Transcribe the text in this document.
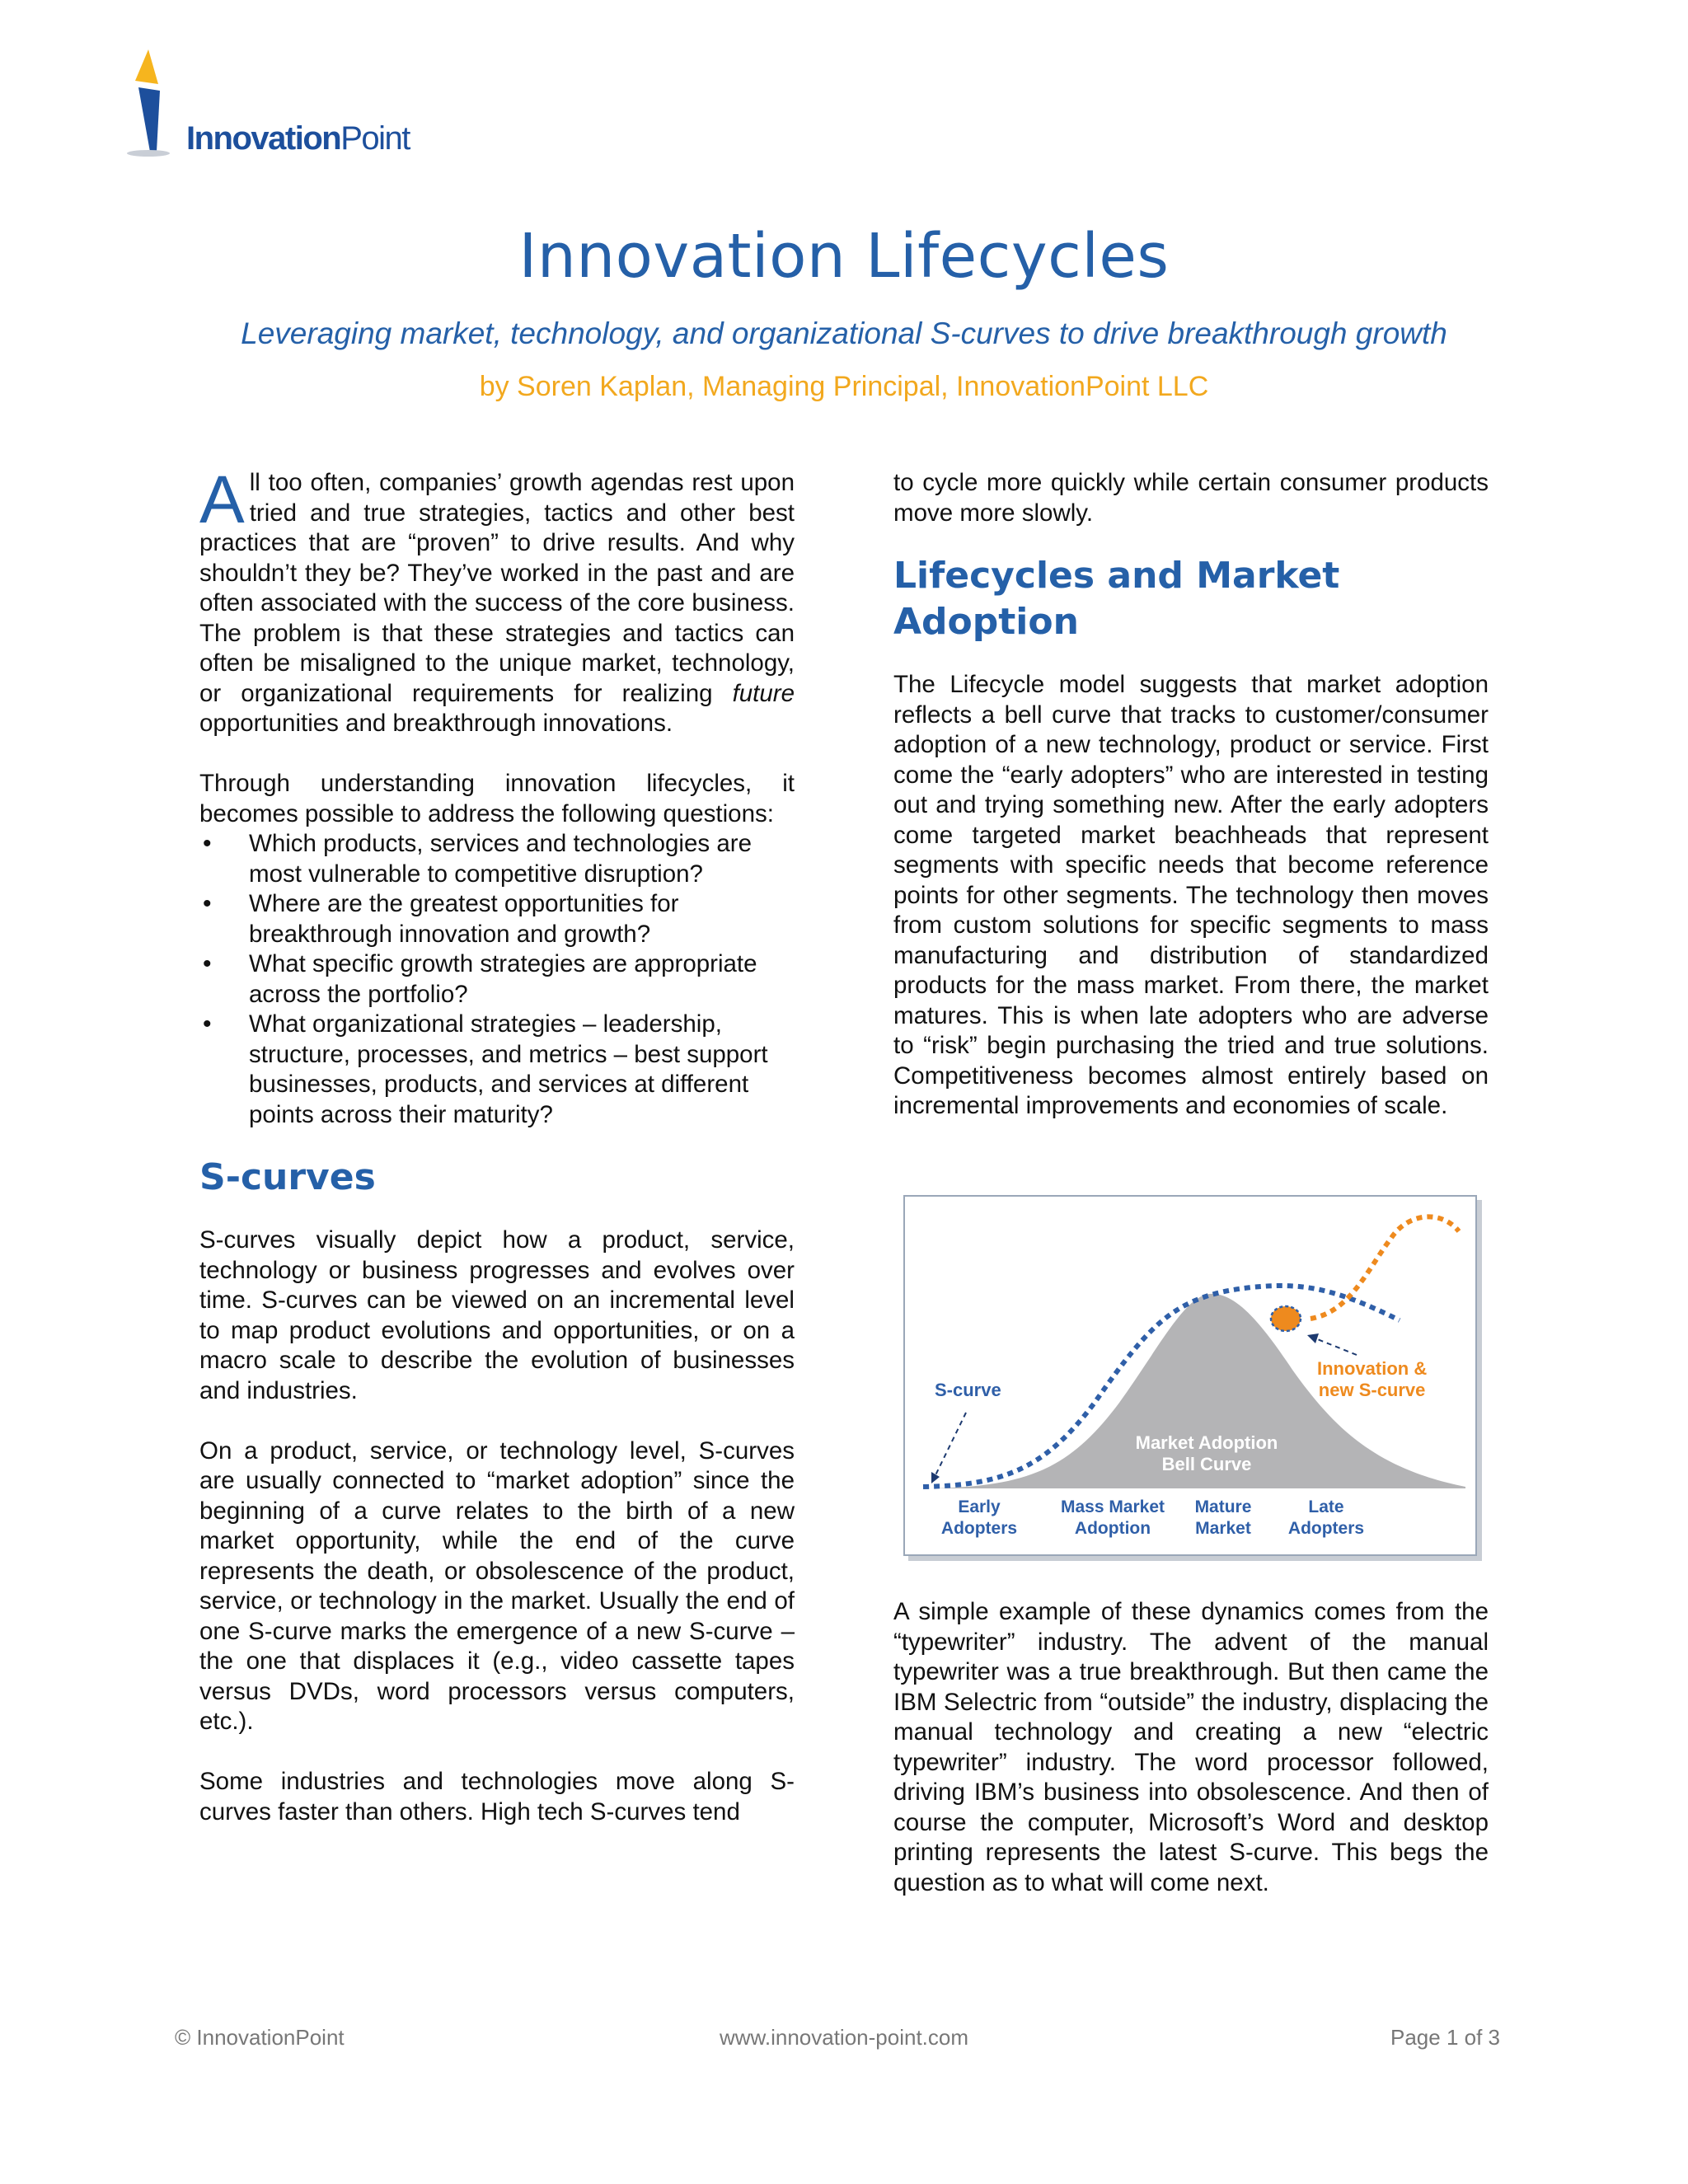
InnovationPoint
Innovation Lifecycles
Leveraging market, technology, and organizational S-curves to drive breakthrough growth
by Soren Kaplan, Managing Principal, InnovationPoint LLC

All too often, companies’ growth agendas rest upon tried and true strategies, tactics and other best practices that are “proven” to drive results. And why shouldn’t they be? They’ve worked in the past and are often associated with the success of the core business. The problem is that these strategies and tactics can often be misaligned to the unique market, technology, or organizational requirements for realizing future opportunities and breakthrough innovations.

Through understanding innovation lifecycles, it becomes possible to address the following questions:

• Which products, services and technologies are most vulnerable to competitive disruption?
• Where are the greatest opportunities for breakthrough innovation and growth?
• What specific growth strategies are appropriate across the portfolio?
• What organizational strategies – leadership, structure, processes, and metrics – best support businesses, products, and services at different points across their maturity?
S-curves

S-curves visually depict how a product, service, technology or business progresses and evolves over time. S-curves can be viewed on an incremental level to map product evolutions and opportunities, or on a macro scale to describe the evolution of businesses and industries.

On a product, service, or technology level, S-curves are usually connected to “market adoption” since the beginning of a curve relates to the birth of a new market opportunity, while the end of the curve represents the death, or obsolescence of the product, service, or technology in the market. Usually the end of one S-curve marks the emergence of a new S-curve – the one that displaces it (e.g., video cassette tapes versus DVDs, word processors versus computers, etc.).

Some industries and technologies move along S-curves faster than others. High tech S-curves tend

to cycle more quickly while certain consumer products move more slowly.

Lifecycles and Market Adoption

The Lifecycle model suggests that market adoption reflects a bell curve that tracks to customer/consumer adoption of a new technology, product or service. First come the “early adopters” who are interested in testing out and trying something new. After the early adopters come targeted market beachheads that represent segments with specific needs that become reference points for other segments. The technology then moves from custom solutions for specific segments to mass manufacturing and distribution of standardized products for the mass market. From there, the market matures. This is when late adopters who are adverse to “risk” begin purchasing the tried and true solutions. Competitiveness becomes almost entirely based on incremental improvements and economies of scale.

S-curve
Innovation &
new S-curve
Market Adoption
Bell Curve
Early
Adopters
Mass Market
Adoption
Mature
Market
Late
Adopters

A simple example of these dynamics comes from the “typewriter” industry. The advent of the manual typewriter was a true breakthrough. But then came the IBM Selectric from “outside” the industry, displacing the manual technology and creating a new “electric typewriter” industry. The word processor followed, driving IBM’s business into obsolescence. And then of course the computer, Microsoft’s Word and desktop printing represents the latest S-curve. This begs the question as to what will come next.

© InnovationPoint	www.innovation-point.com	Page 1 of 3
